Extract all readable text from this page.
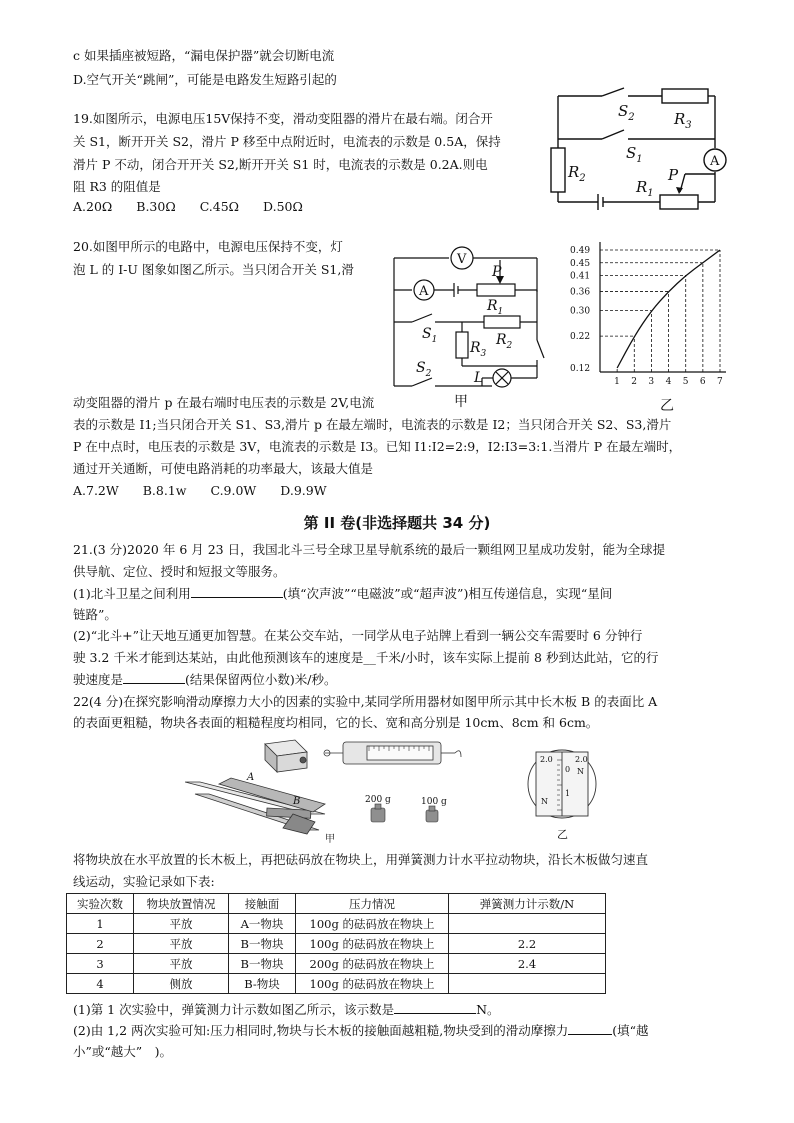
c 如果插座被短路，“漏电保护器”就会切断电流
D.空气开关“跳闸”，可能是电路发生短路引起的
19.如图所示，电源电压15V保持不变，滑动变阻器的滑片在最右端。闭合开
关 S1，断开开关 S2，滑片 P 移至中点附近时，电流表的示数是 0.5A，保持
滑片 P 不动，闭合开开关 S2,断开开关 S1 时，电流表的示数是 0.2A.则电
阻 R3 的阻值是
A.20Ω B.30Ω C.45Ω D.50Ω
$S_2$	$R_3$
$S_1$
$R_2$	$R_1$
P
A
20.如图甲所示的电路中，电源电压保持不变，灯
泡 L 的 I-U 图象如图乙所示。当只闭合开关 S1,滑
V
A
P
$R_1$
$S_1$	$R_2$
$R_3$
$S_2$	L
甲
0.12
0.22
0.30
0.36
0.41
0.45
0.49
1 2 3 4 5 6 7
乙
动变阻器的滑片 p 在最右端时电压表的示数是 2V,电流
表的示数是 I1;当只闭合开关 S1、S3,滑片 p 在最左端时，电流表的示数是 I2；当只闭合开关 S2、S3,滑片
P 在中点时，电压表的示数是 3V，电流表的示数是 I3。已知 I1:I2=2:9，I2:I3=3:1.当滑片 P 在最左端时，
通过开关通断，可使电路消耗的功率最大，该最大值是
A.7.2W B.8.1w C.9.0W D.9.9W
第 II 卷(非选择题共 34 分)
21.(3 分)2020 年 6 月 23 日，我国北斗三号全球卫星导航系统的最后一颗组网卫星成功发射，能为全球提
供导航、定位、授时和短报文等服务。
(1)北斗卫星之间利用	(填“次声波”“电磁波”或“超声波”)相互传递信息，实现“星间
链路”。
(2)“北斗+”让天地互通更加智慧。在某公交车站，一同学从电子站牌上看到一辆公交车需要时 6 分钟行
驶 3.2 千米才能到达某站，由此他预测该车的速度是__千米/小时，该车实际上提前 8 秒到达此站，它的行
驶速度是	(结果保留两位小数)米/秒。
22(4 分)在探究影响滑动摩擦力大小的因素的实验中,某同学所用器材如图甲所示其中长木板 B 的表面比 A
的表面更粗糙，物块各表面的粗糙程度均相同，它的长、宽和高分别是 10cm、8cm 和 6cm。
A
B	200 g	100 g
甲
2.0	2.0
N
N
0
1
乙
将物块放在水平放置的长木板上，再把砝码放在物块上，用弹簧测力计水平拉动物块，沿长木板做匀速直
线运动，实验记录如下表:
实验次数	物块放置情况	接触面	压力情况	弹簧测力计示数/N
1	平放	A一物块	100g 的砝码放在物块上	
2	平放	B一物块	100g 的砝码放在物块上	2.2
3	平放	B一物块	200g 的砝码放在物块上	2.4
4	侧放	B-物块	100g 的砝码放在物块上	
(1)第 1 次实验中，弹簧测力计示数如图乙所示，该示数是	N。
(2)由 1,2 两次实验可知:压力相同时,物块与长木板的接触面越粗糙,物块受到的滑动摩擦力	(填“越
小”或“越大”　)。
